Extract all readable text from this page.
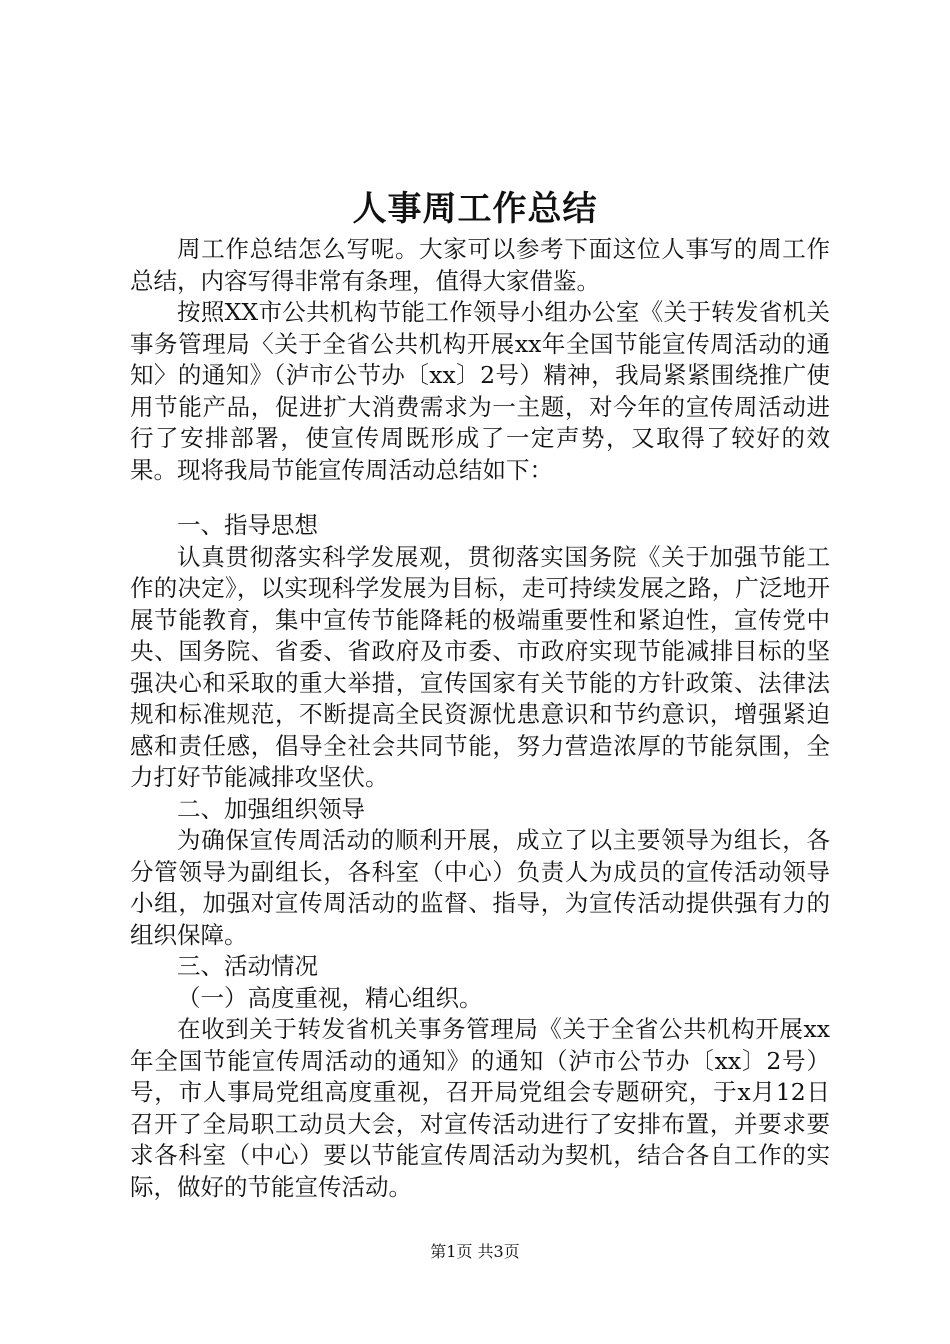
人事周工作总结

周工作总结怎么写呢。大家可以参考下面这位人事写的周工作总结，内容写得非常有条理，值得大家借鉴。

按照XX市公共机构节能工作领导小组办公室《关于转发省机关事务管理局〈关于全省公共机构开展xx年全国节能宣传周活动的通知〉的通知》（泸市公节办〔xx〕2号）精神，我局紧紧围绕推广使用节能产品，促进扩大消费需求为一主题，对今年的宣传周活动进行了安排部署，使宣传周既形成了一定声势，又取得了较好的效果。现将我局节能宣传周活动总结如下：

一、指导思想

认真贯彻落实科学发展观，贯彻落实国务院《关于加强节能工作的决定》，以实现科学发展为目标，走可持续发展之路，广泛地开展节能教育，集中宣传节能降耗的极端重要性和紧迫性，宣传党中央、国务院、省委、省政府及市委、市政府实现节能减排目标的坚强决心和采取的重大举措，宣传国家有关节能的方针政策、法律法规和标准规范，不断提高全民资源忧患意识和节约意识，增强紧迫感和责任感，倡导全社会共同节能，努力营造浓厚的节能氛围，全力打好节能减排攻坚伏。

二、加强组织领导

为确保宣传周活动的顺利开展，成立了以主要领导为组长，各分管领导为副组长，各科室（中心）负责人为成员的宣传活动领导小组，加强对宣传周活动的监督、指导，为宣传活动提供强有力的组织保障。

三、活动情况

（一）高度重视，精心组织。

在收到关于转发省机关事务管理局《关于全省公共机构开展xx年全国节能宣传周活动的通知》的通知（泸市公节办〔xx〕2号）号，市人事局党组高度重视，召开局党组会专题研究，于x月12日召开了全局职工动员大会，对宣传活动进行了安排布置，并要求要求各科室（中心）要以节能宣传周活动为契机，结合各自工作的实际，做好的节能宣传活动。

第1页 共3页
